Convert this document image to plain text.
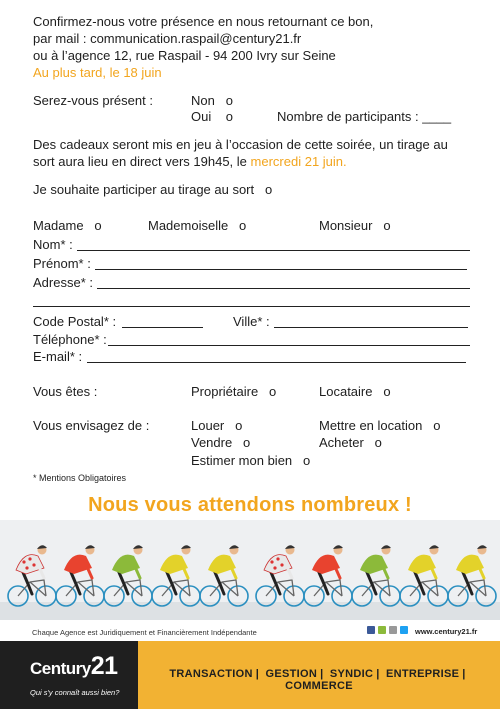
Confirmez-nous votre présence en nous retournant ce bon,
par mail : communication.raspail@century21.fr
ou à l’agence 12, rue Raspail - 94 200 Ivry sur Seine
Au plus tard, le 18 juin
Serez-vous présent :	Non o
Oui o	Nombre de participants : ____
Des cadeaux seront mis en jeu à l’occasion de cette soirée, un tirage au
sort aura lieu en direct vers 19h45, le mercredi 21 juin.
Je souhaite participer au tirage au sort o
Madame o	Mademoiselle o	Monsieur o
Nom* :
Prénom* :
Adresse* :
Code Postal* :	Ville* :
Téléphone* :
E-mail* :
Vous êtes :	Propriétaire o	Locataire o
Vous envisagez de :	Louer o	Mettre en location o
Vendre o	Acheter o
Estimer mon bien o
* Mentions Obligatoires
Nous vous attendons nombreux !
Chaque Agence est Juridiquement et Financièrement Indépendante	www.century21.fr
Century21
Qui s'y connaît aussi bien?
TRANSACTION | GESTION | SYNDIC | ENTREPRISE | COMMERCE
